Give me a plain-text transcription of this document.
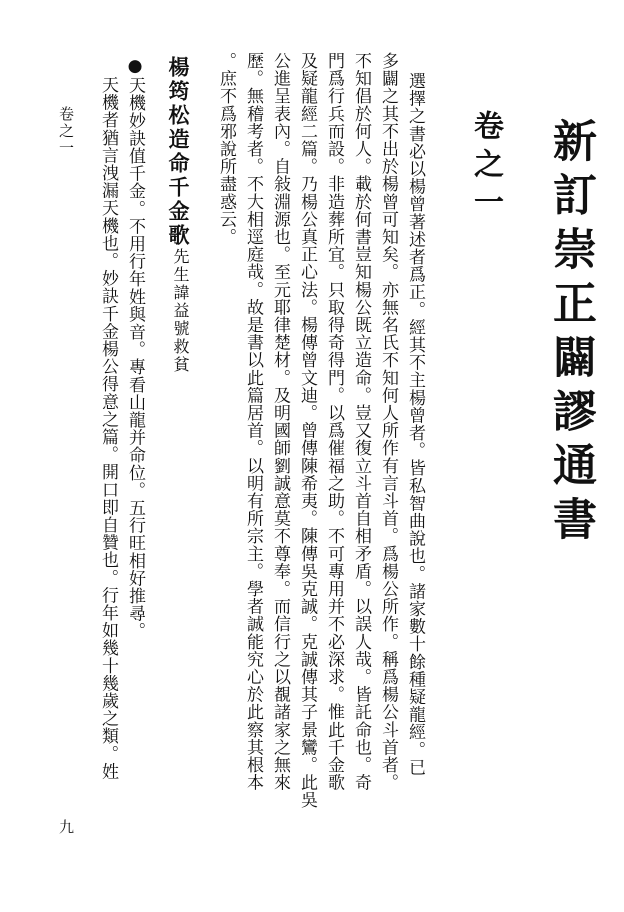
新訂崇正闢謬通書
卷之一
選擇之書必以楊曾著述者爲正。經其不主楊曾者。皆私智曲說也。諸家數十餘種疑龍經。已
多闢之其不出於楊曾可知矣。亦無名氏不知何人所作有言斗首。爲楊公所作。稱爲楊公斗首者。
不知倡於何人。載於何書豈知楊公既立造命。豈又復立斗首自相矛盾。以誤人哉。皆託命也。奇
門爲行兵而設。非造葬所宜。只取得奇得門。以爲催福之助。不可專用并不必深求。惟此千金歌
及疑龍經二篇。乃楊公真正心法。楊傳曾文迪。曾傳陳希夷。陳傳吳克誠。克誠傳其子景鸞。此吳
公進呈表內。自敍淵源也。至元耶律楚材。及明國師劉誠意莫不尊奉。而信行之以覩諸家之無來
歷。無稽考者。不大相逕庭哉。故是書以此篇居首。以明有所宗主。學者誠能究心於此察其根本
。庶不爲邪說所盡惑云。
楊筠松造命千金歌
先生諱益號救貧
●天機妙訣值千金。不用行年姓與音。專看山龍并命位。五行旺相好推尋。
天機者猶言洩漏天機也。妙訣千金楊公得意之篇。開口即自贊也。行年如幾十幾歲之類。姓
卷之一
九
